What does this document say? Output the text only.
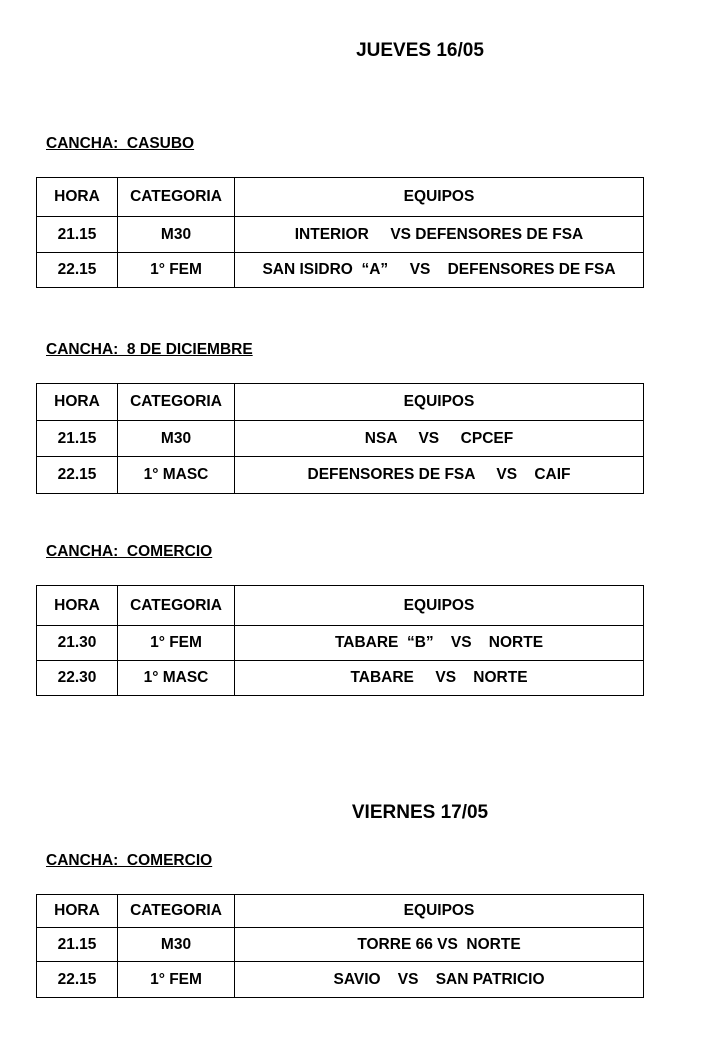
JUEVES 16/05
CANCHA:  CASUBO
HORA	CATEGORIA	EQUIPOS
21.15	M30	INTERIOR     VS DEFENSORES DE FSA
22.15	1° FEM	SAN ISIDRO  “A”     VS    DEFENSORES DE FSA
CANCHA:  8 DE DICIEMBRE
HORA	CATEGORIA	EQUIPOS
21.15	M30	NSA     VS     CPCEF
22.15	1° MASC	DEFENSORES DE FSA     VS    CAIF
CANCHA:  COMERCIO
HORA	CATEGORIA	EQUIPOS
21.30	1° FEM	TABARE  “B”    VS    NORTE
22.30	1° MASC	TABARE     VS    NORTE
VIERNES 17/05
CANCHA:  COMERCIO
HORA	CATEGORIA	EQUIPOS
21.15	M30	TORRE 66 VS  NORTE
22.15	1° FEM	SAVIO    VS    SAN PATRICIO
